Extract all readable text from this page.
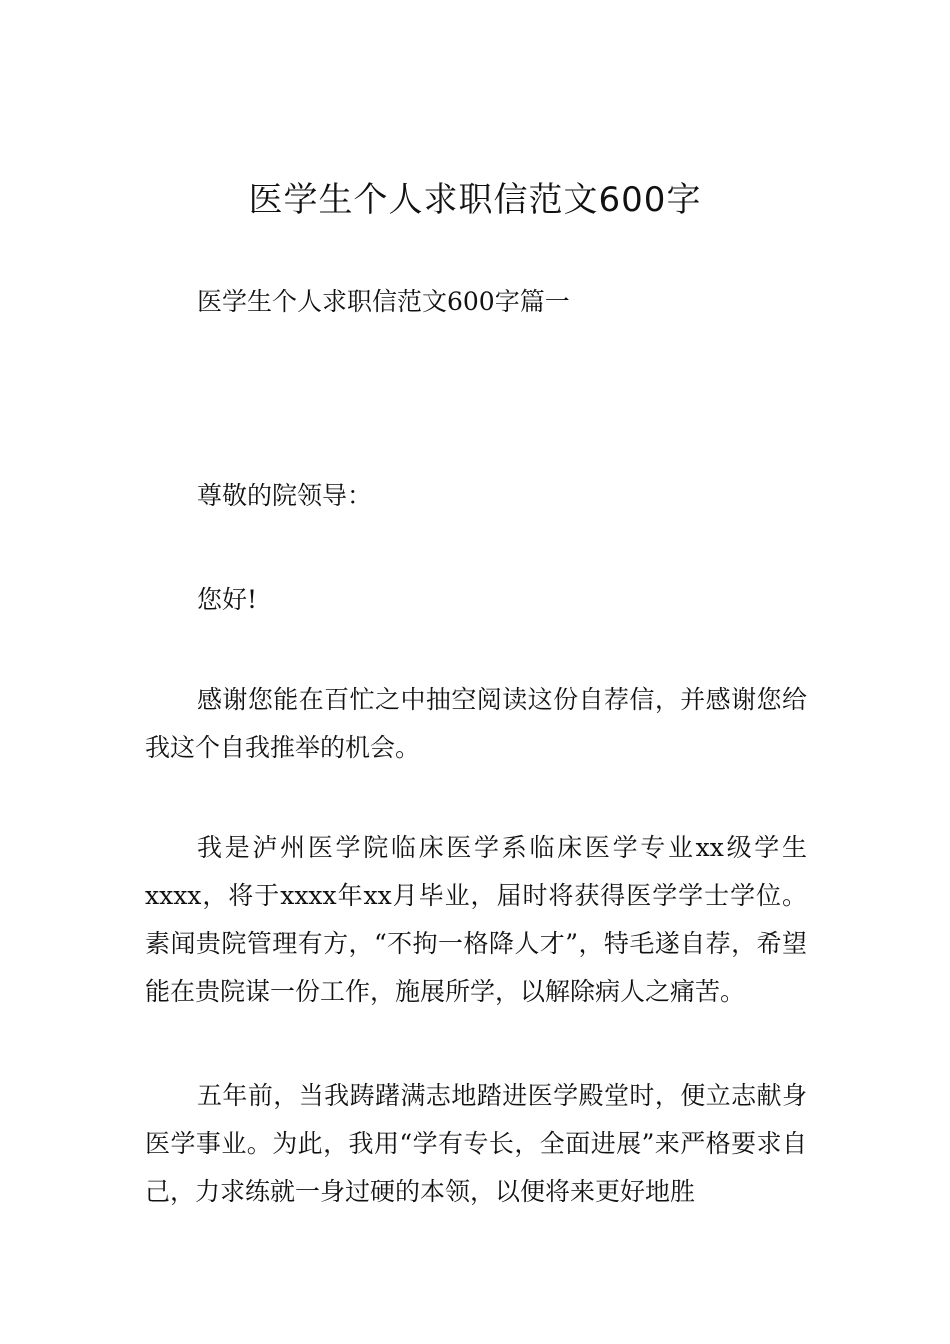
医学生个人求职信范文600字

医学生个人求职信范文600字篇一

尊敬的院领导：

您好!

感谢您能在百忙之中抽空阅读这份自荐信，并感谢您给我这个自我推举的机会。

我是泸州医学院临床医学系临床医学专业xx级学生xxxx，将于xxxx年xx月毕业，届时将获得医学学士学位。素闻贵院管理有方，“不拘一格降人才”，特毛遂自荐，希望能在贵院谋一份工作，施展所学，以解除病人之痛苦。

五年前，当我踌躇满志地踏进医学殿堂时，便立志献身医学事业。为此，我用“学有专长，全面进展”来严格要求自己，力求练就一身过硬的本领，以便将来更好地胜
